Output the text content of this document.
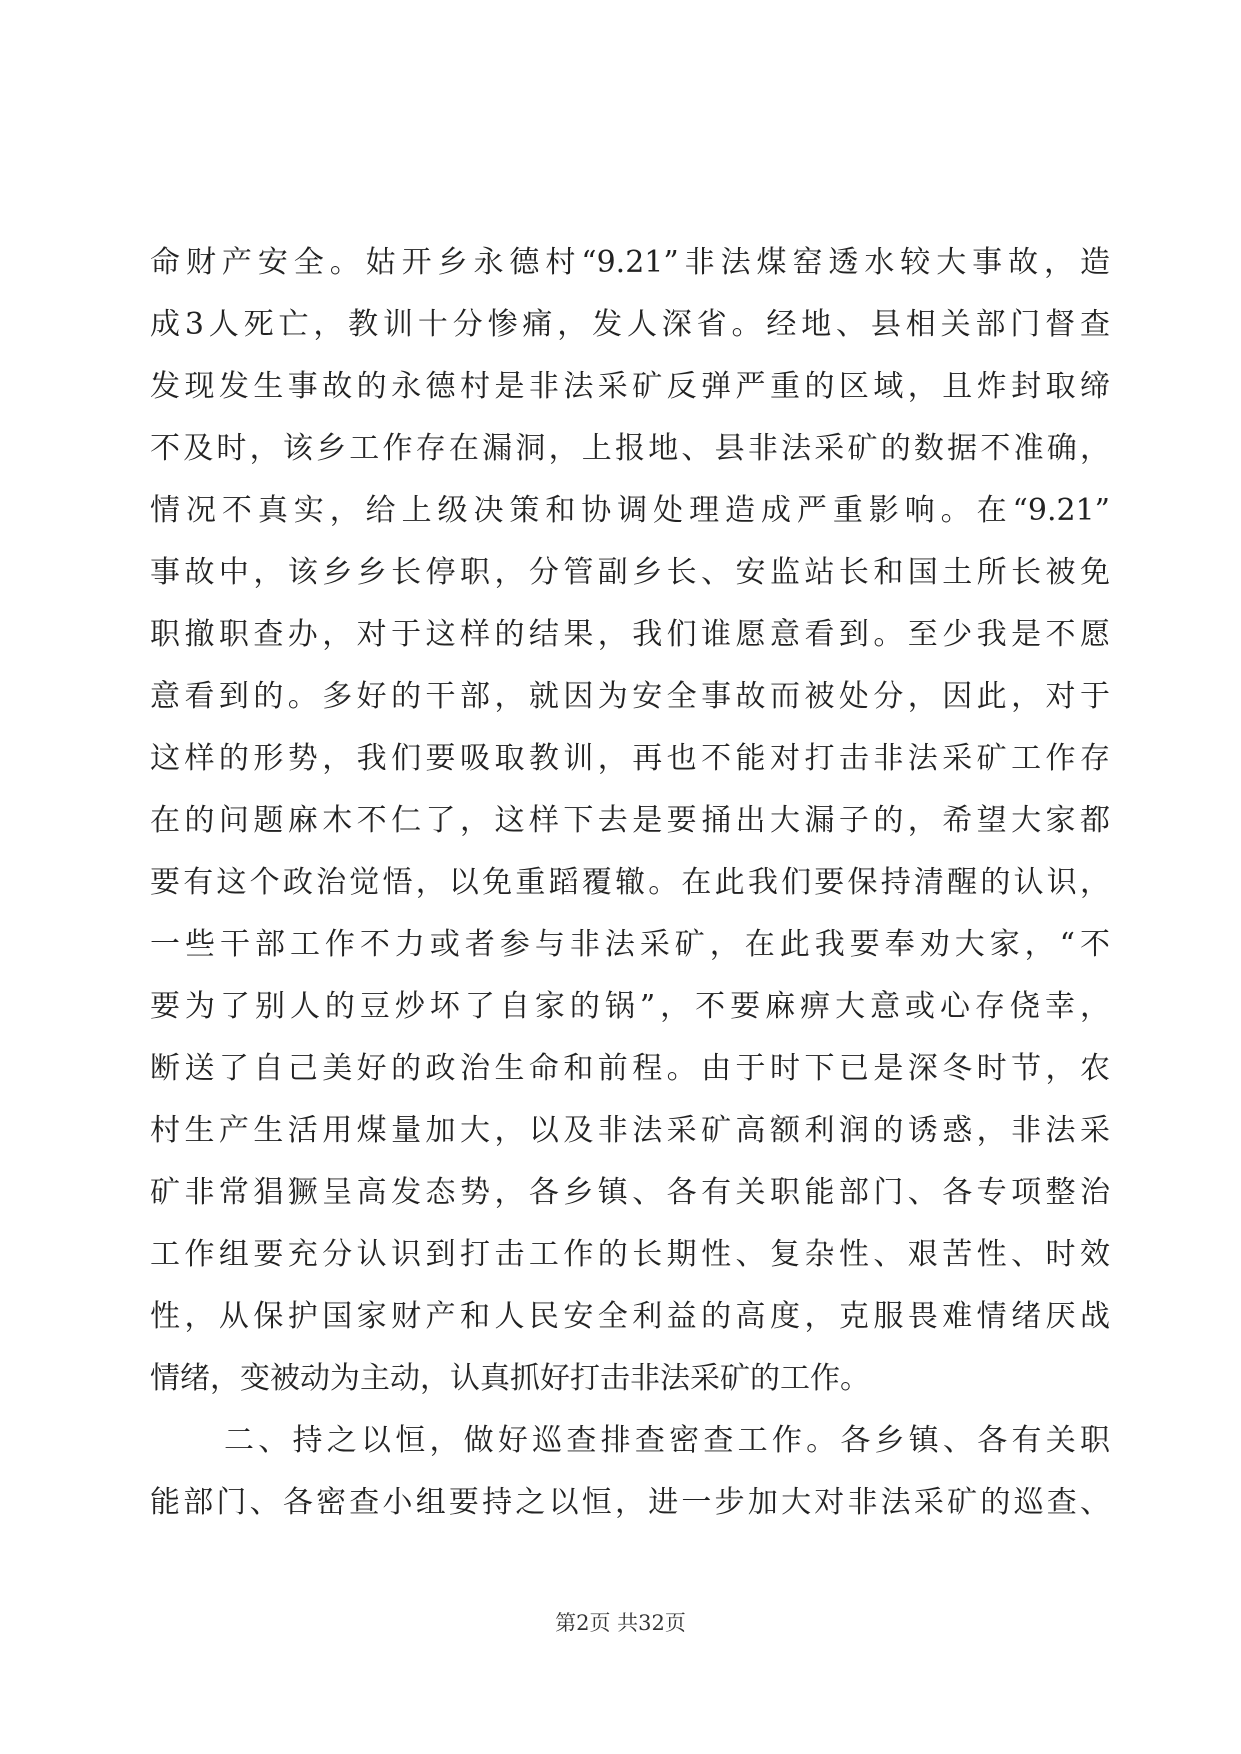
命财产安全。姑开乡永德村“9.21”非法煤窑透水较大事故，造
成3人死亡，教训十分惨痛，发人深省。经地、县相关部门督查
发现发生事故的永德村是非法采矿反弹严重的区域，且炸封取缔
不及时，该乡工作存在漏洞，上报地、县非法采矿的数据不准确，
情况不真实，给上级决策和协调处理造成严重影响。在“9.21”
事故中，该乡乡长停职，分管副乡长、安监站长和国土所长被免
职撤职查办，对于这样的结果，我们谁愿意看到。至少我是不愿
意看到的。多好的干部，就因为安全事故而被处分，因此，对于
这样的形势，我们要吸取教训，再也不能对打击非法采矿工作存
在的问题麻木不仁了，这样下去是要捅出大漏子的，希望大家都
要有这个政治觉悟，以免重蹈覆辙。在此我们要保持清醒的认识，
一些干部工作不力或者参与非法采矿，在此我要奉劝大家，“不
要为了别人的豆炒坏了自家的锅”，不要麻痹大意或心存侥幸，
断送了自己美好的政治生命和前程。由于时下已是深冬时节，农
村生产生活用煤量加大，以及非法采矿高额利润的诱惑，非法采
矿非常猖獗呈高发态势，各乡镇、各有关职能部门、各专项整治
工作组要充分认识到打击工作的长期性、复杂性、艰苦性、时效
性，从保护国家财产和人民安全利益的高度，克服畏难情绪厌战
情绪，变被动为主动，认真抓好打击非法采矿的工作。
二、持之以恒，做好巡查排查密查工作。各乡镇、各有关职
能部门、各密查小组要持之以恒，进一步加大对非法采矿的巡查、
第2页 共32页
